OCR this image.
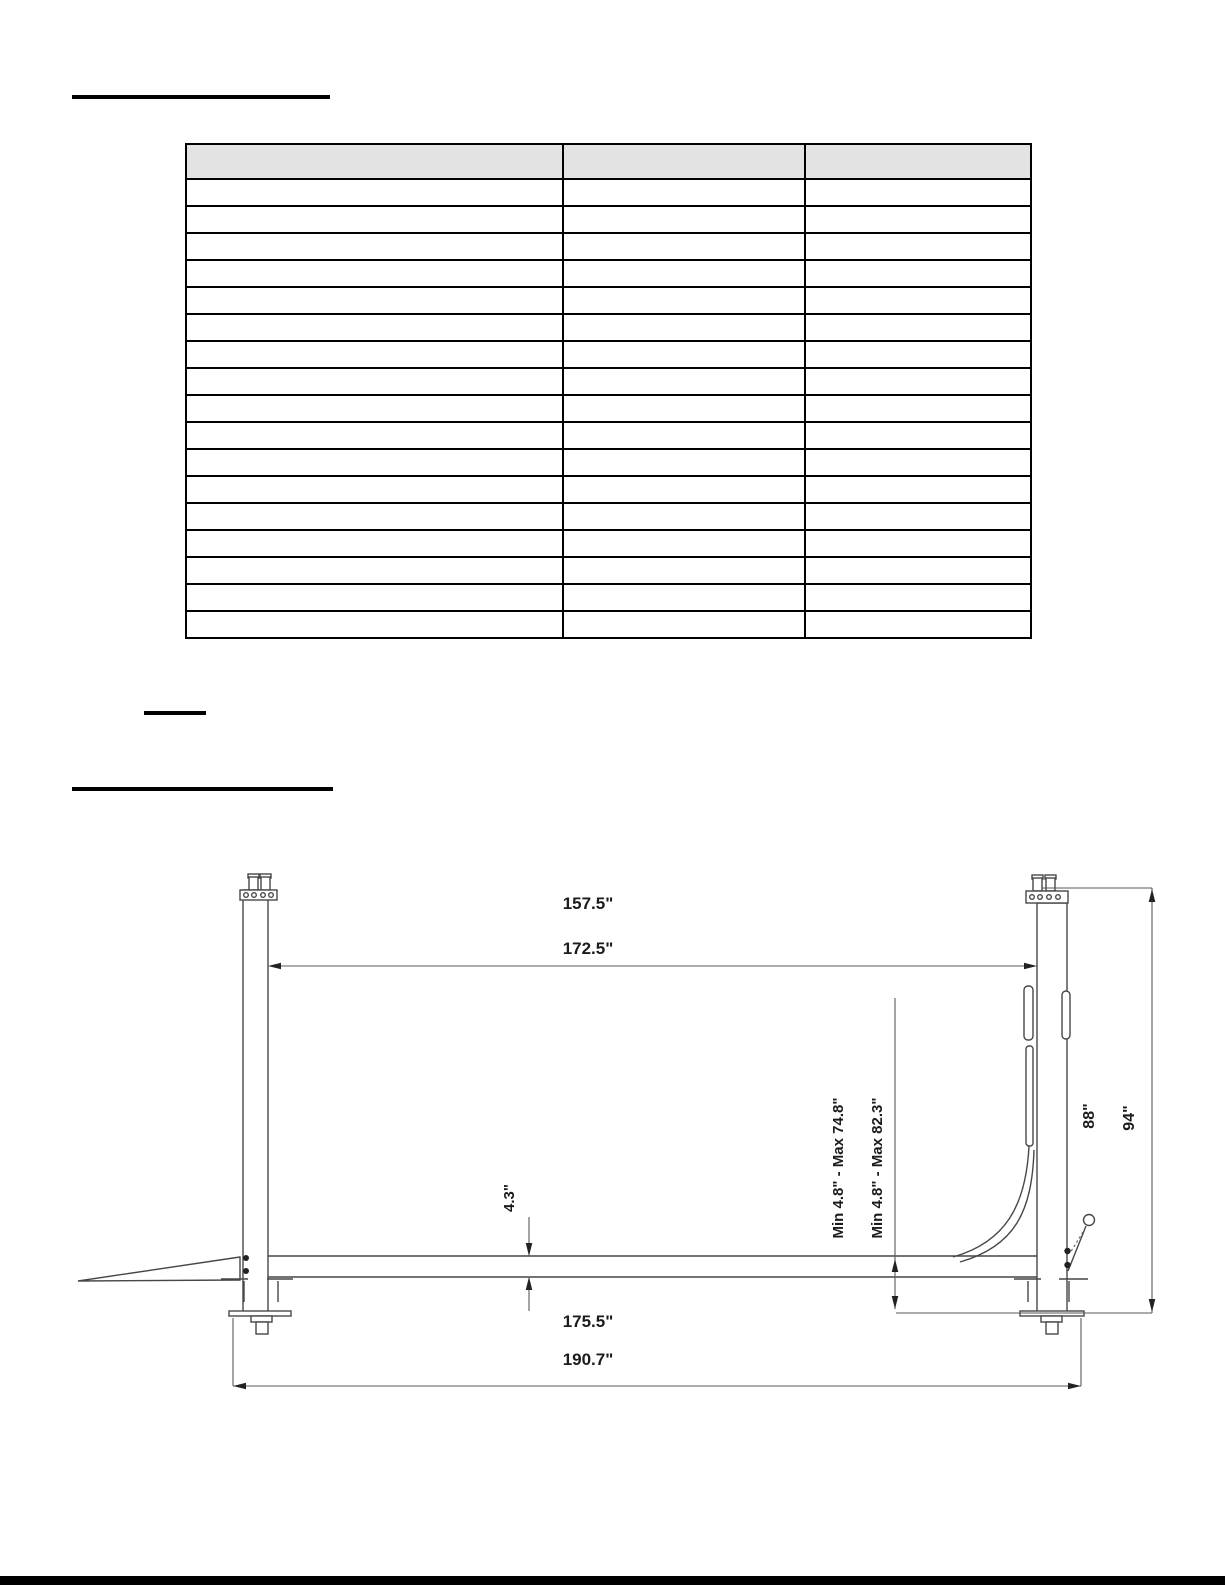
157.5"
172.5"
Min 4.8" - Max 74.8" Min 4.8" - Max 82.3"	88" 94"
4.3"
175.5"
190.7"
